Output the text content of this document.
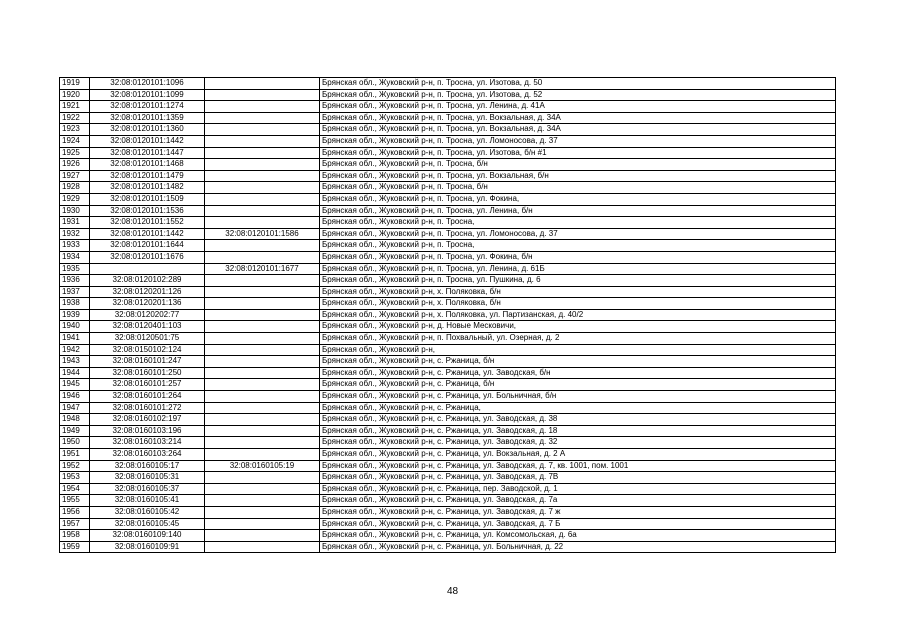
1919	32:08:0120101:1096		Брянская обл., Жуковский р-н, п. Тросна, ул. Изотова, д. 50
1920	32:08:0120101:1099		Брянская обл., Жуковский р-н, п. Тросна, ул. Изотова, д. 52
1921	32:08:0120101:1274		Брянская обл., Жуковский р-н, п. Тросна, ул. Ленина, д. 41А
1922	32:08:0120101:1359		Брянская обл., Жуковский р-н, п. Тросна, ул. Вокзальная, д. 34А
1923	32:08:0120101:1360		Брянская обл., Жуковский р-н, п. Тросна, ул. Вокзальная, д. 34А
1924	32:08:0120101:1442		Брянская обл., Жуковский р-н, п. Тросна, ул. Ломоносова, д. 37
1925	32:08:0120101:1447		Брянская обл., Жуковский р-н, п. Тросна, ул. Изотова, б/н #1
1926	32:08:0120101:1468		Брянская обл., Жуковский р-н, п. Тросна, б/н
1927	32:08:0120101:1479		Брянская обл., Жуковский р-н, п. Тросна, ул. Вокзальная, б/н
1928	32:08:0120101:1482		Брянская обл., Жуковский р-н, п. Тросна, б/н
1929	32:08:0120101:1509		Брянская обл., Жуковский р-н, п. Тросна, ул. Фокина,
1930	32:08:0120101:1536		Брянская обл., Жуковский р-н, п. Тросна, ул. Ленина, б/н
1931	32:08:0120101:1552		Брянская обл., Жуковский р-н, п. Тросна,
1932	32:08:0120101:1442	32:08:0120101:1586	Брянская обл., Жуковский р-н, п. Тросна, ул. Ломоносова, д. 37
1933	32:08:0120101:1644		Брянская обл., Жуковский р-н, п. Тросна,
1934	32:08:0120101:1676		Брянская обл., Жуковский р-н, п. Тросна, ул. Фокина, б/н
1935		32:08:0120101:1677	Брянская обл., Жуковский р-н, п. Тросна, ул. Ленина, д. 61Б
1936	32:08:0120102:289		Брянская обл., Жуковский р-н, п. Тросна, ул. Пушкина, д. 6
1937	32:08:0120201:126		Брянская обл., Жуковский р-н, х. Поляковка, б/н
1938	32:08:0120201:136		Брянская обл., Жуковский р-н, х. Поляковка, б/н
1939	32:08:0120202:77		Брянская обл., Жуковский р-н, х. Поляковка, ул. Партизанская, д. 40/2
1940	32:08:0120401:103		Брянская обл., Жуковский р-н, д. Новые Месковичи,
1941	32:08:0120501:75		Брянская обл., Жуковский р-н, п. Похвальный, ул. Озерная, д. 2
1942	32:08:0150102:124		Брянская обл., Жуковский р-н,
1943	32:08:0160101:247		Брянская обл., Жуковский р-н, с. Ржаница, б/н
1944	32:08:0160101:250		Брянская обл., Жуковский р-н, с. Ржаница, ул. Заводская, б/н
1945	32:08:0160101:257		Брянская обл., Жуковский р-н, с. Ржаница, б/н
1946	32:08:0160101:264		Брянская обл., Жуковский р-н, с. Ржаница, ул. Больничная, б/н
1947	32:08:0160101:272		Брянская обл., Жуковский р-н, с. Ржаница,
1948	32:08:0160102:197		Брянская обл., Жуковский р-н, с. Ржаница, ул. Заводская, д. 38
1949	32:08:0160103:196		Брянская обл., Жуковский р-н, с. Ржаница, ул. Заводская, д. 18
1950	32:08:0160103:214		Брянская обл., Жуковский р-н, с. Ржаница, ул. Заводская, д. 32
1951	32:08:0160103:264		Брянская обл., Жуковский р-н, с. Ржаница, ул. Вокзальная, д. 2 А
1952	32:08:0160105:17	32:08:0160105:19	Брянская обл., Жуковский р-н, с. Ржаница, ул. Заводская, д. 7, кв. 1001, пом. 1001
1953	32:08:0160105:31		Брянская обл., Жуковский р-н, с. Ржаница, ул. Заводская, д. 7В
1954	32:08:0160105:37		Брянская обл., Жуковский р-н, с. Ржаница, пер. Заводской, д. 1
1955	32:08:0160105:41		Брянская обл., Жуковский р-н, с. Ржаница, ул. Заводская, д. 7а
1956	32:08:0160105:42		Брянская обл., Жуковский р-н, с. Ржаница, ул. Заводская, д. 7 ж
1957	32:08:0160105:45		Брянская обл., Жуковский р-н, с. Ржаница, ул. Заводская, д. 7 Б
1958	32:08:0160109:140		Брянская обл., Жуковский р-н, с. Ржаница, ул. Комсомольская, д. 6а
1959	32:08:0160109:91		Брянская обл., Жуковский р-н, с. Ржаница, ул. Больничная, д. 22
48
